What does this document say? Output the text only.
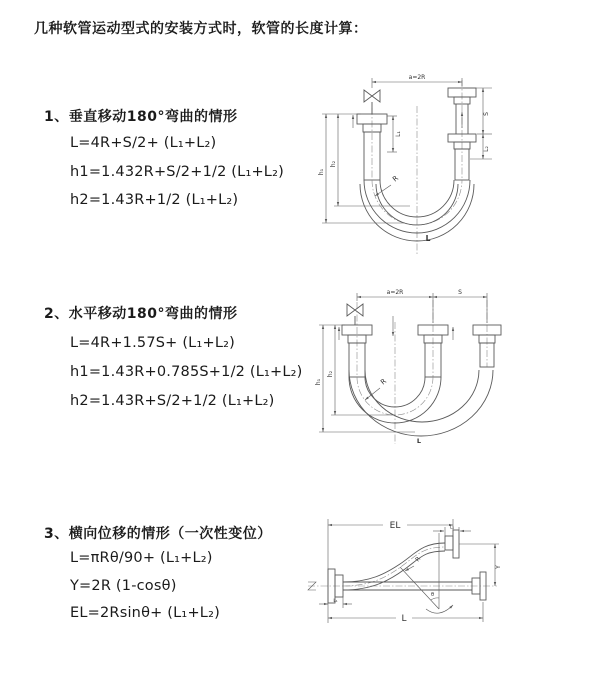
几种软管运动型式的安装方式时，软管的长度计算：
1、垂直移动180°弯曲的情形
L=4R+S/2+ (L₁+L₂)
h1=1.432R+S/2+1/2 (L₁+L₂)
h2=1.43R+1/2 (L₁+L₂)
2、水平移动180°弯曲的情形
L=4R+1.57S+ (L₁+L₂)
h1=1.43R+0.785S+1/2 (L₁+L₂)
h2=1.43R+S/2+1/2 (L₁+L₂)
3、横向位移的情形（一次性变位）
L=πRθ/90+ (L₁+L₂)
Y=2R (1-cosθ)
EL=2Rsinθ+ (L₁+L₂)
a=2R
S
L₂
L₁
h₁
h₂
R
L
a=2R	S
h₁
h₂
R
L
EL	L₁
Y
R
θ
L
L₁
